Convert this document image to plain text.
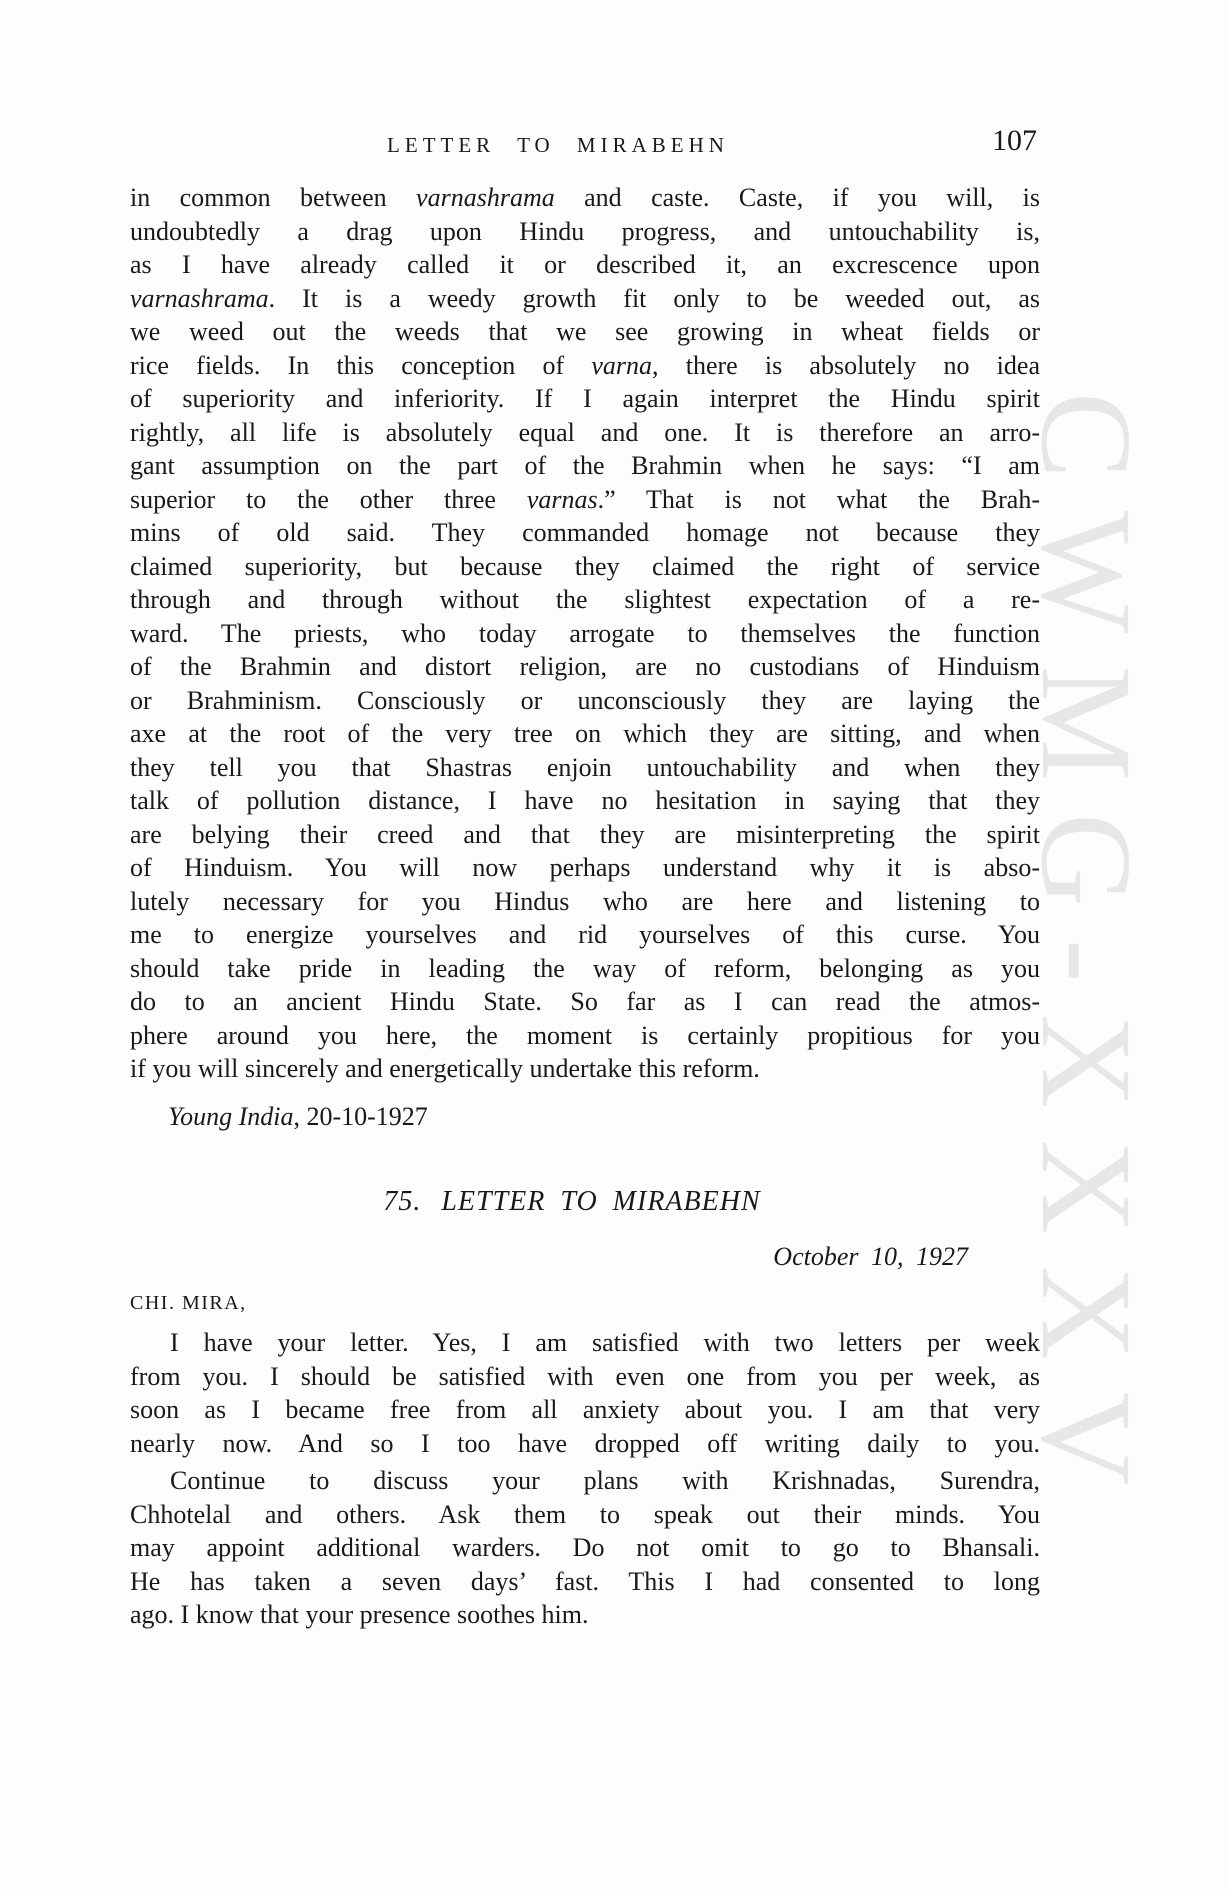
CWMG-XXXV
LETTER TO MIRABEHN	107
in common between varnashrama and caste. Caste, if you will, is
undoubtedly a drag upon Hindu progress, and untouchability is,
as I have already called it or described it, an excrescence upon
varnashrama. It is a weedy growth fit only to be weeded out, as
we weed out the weeds that we see growing in wheat fields or
rice fields. In this conception of varna, there is absolutely no idea
of superiority and inferiority. If I again interpret the Hindu spirit
rightly, all life is absolutely equal and one. It is therefore an arro-
gant assumption on the part of the Brahmin when he says: “I am
superior to the other three varnas.” That is not what the Brah-
mins of old said. They commanded homage not because they
claimed superiority, but because they claimed the right of service
through and through without the slightest expectation of a re-
ward. The priests, who today arrogate to themselves the function
of the Brahmin and distort religion, are no custodians of Hinduism
or Brahminism. Consciously or unconsciously they are laying the
axe at the root of the very tree on which they are sitting, and when
they tell you that Shastras enjoin untouchability and when they
talk of pollution distance, I have no hesitation in saying that they
are belying their creed and that they are misinterpreting the spirit
of Hinduism. You will now perhaps understand why it is abso-
lutely necessary for you Hindus who are here and listening to
me to energize yourselves and rid yourselves of this curse. You
should take pride in leading the way of reform, belonging as you
do to an ancient Hindu State. So far as I can read the atmos-
phere around you here, the moment is certainly propitious for you
if you will sincerely and energetically undertake this reform.
Young India, 20-10-1927
75. LETTER TO MIRABEHN
October 10, 1927
CHI. MIRA,
I have your letter. Yes, I am satisfied with two letters per week
from you. I should be satisfied with even one from you per week, as
soon as I became free from all anxiety about you. I am that very
nearly now. And so I too have dropped off writing daily to you.
Continue to discuss your plans with Krishnadas, Surendra,
Chhotelal and others. Ask them to speak out their minds. You
may appoint additional warders. Do not omit to go to Bhansali.
He has taken a seven days’ fast. This I had consented to long
ago. I know that your presence soothes him.
